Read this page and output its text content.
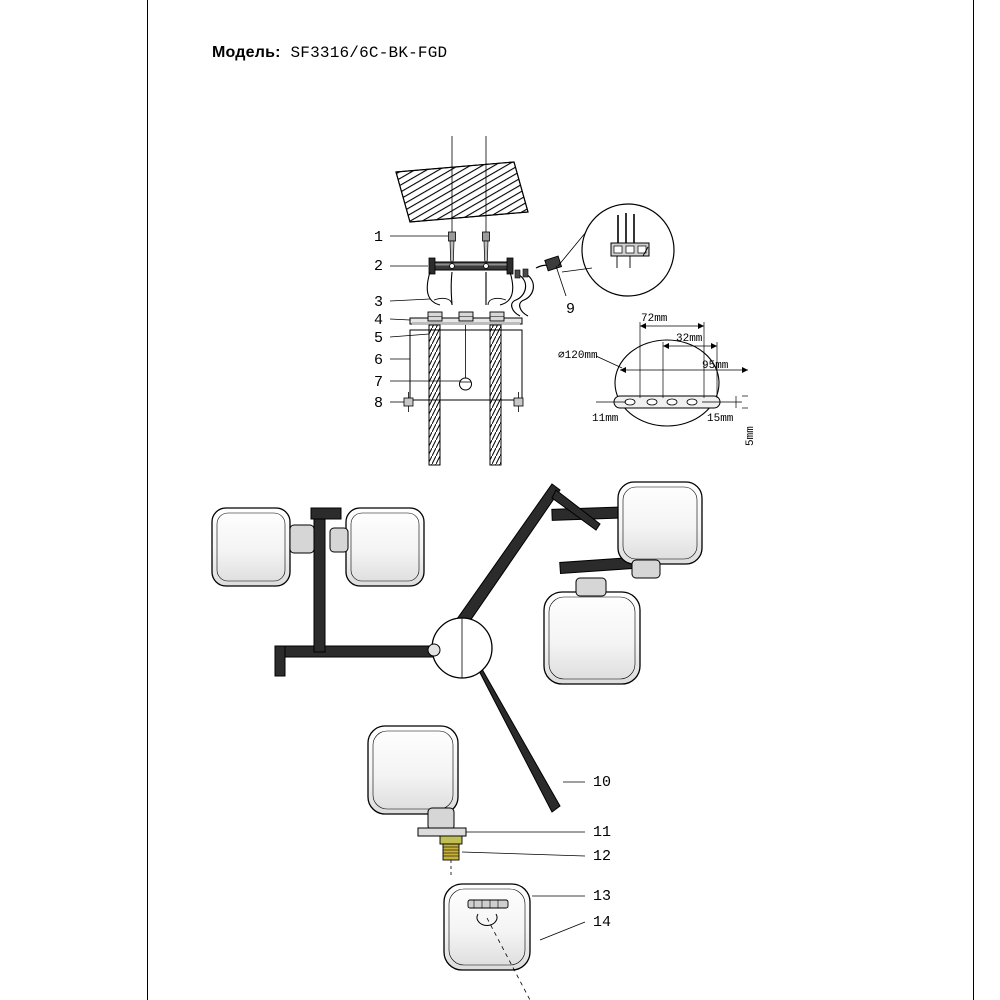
Модель: SF3316/6C-BK-FGD
1
2
3
4
5
6
7
8
9
10
11
12
13
14
72mm
32mm
95mm
⌀120mm
11mm	15mm
5mm
